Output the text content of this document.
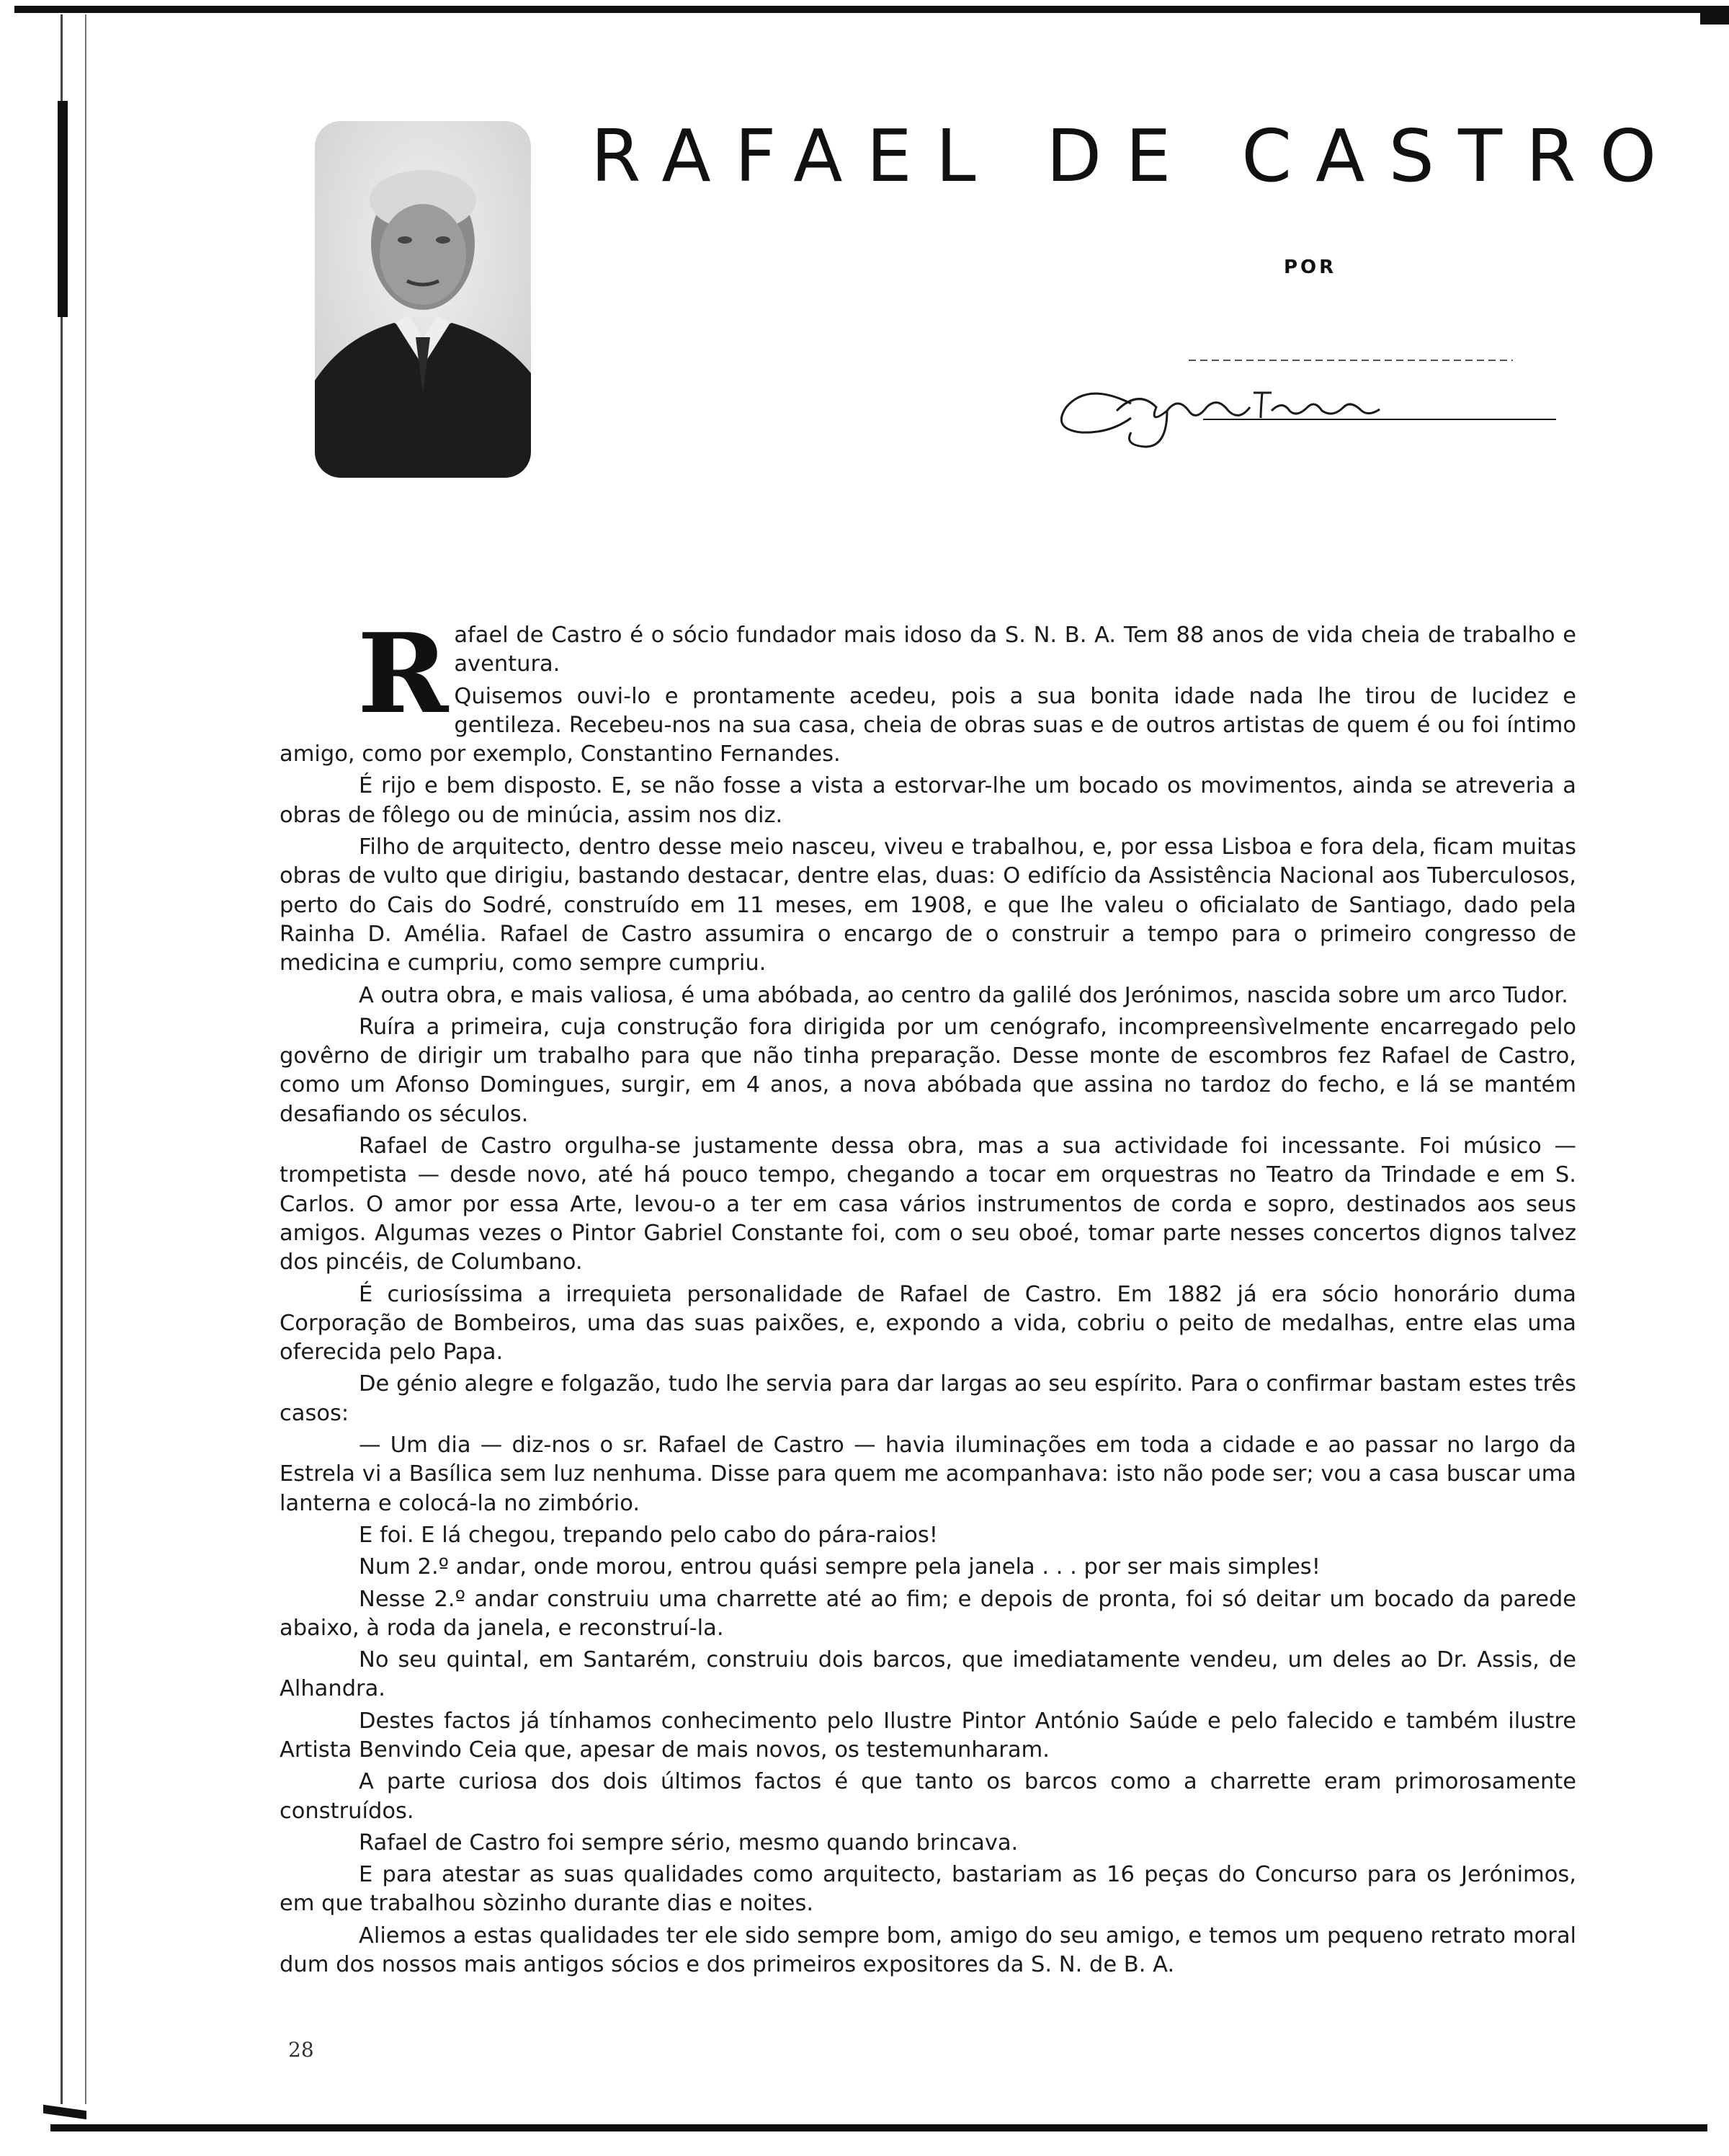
RAFAEL DE CASTRO
POR

Rafael de Castro é o sócio fundador mais idoso da S. N. B. A. Tem 88 anos de vida cheia de trabalho e aventura.

Quisemos ouvi-lo e prontamente acedeu, pois a sua bonita idade nada lhe tirou de lucidez e gentileza. Recebeu-nos na sua casa, cheia de obras suas e de outros artistas de quem é ou foi íntimo amigo, como por exemplo, Constantino Fernandes.

É rijo e bem disposto. E, se não fosse a vista a estorvar-lhe um bocado os movimentos, ainda se atreveria a obras de fôlego ou de minúcia, assim nos diz.

Filho de arquitecto, dentro desse meio nasceu, viveu e trabalhou, e, por essa Lisboa e fora dela, ficam muitas obras de vulto que dirigiu, bastando destacar, dentre elas, duas: O edifício da Assistência Nacional aos Tuberculosos, perto do Cais do Sodré, construído em 11 meses, em 1908, e que lhe valeu o oficialato de Santiago, dado pela Rainha D. Amélia. Rafael de Castro assumira o encargo de o construir a tempo para o primeiro congresso de medicina e cumpriu, como sempre cumpriu.

A outra obra, e mais valiosa, é uma abóbada, ao centro da galilé dos Jerónimos, nascida sobre um arco Tudor.

Ruíra a primeira, cuja construção fora dirigida por um cenógrafo, incompreensìvelmente encarregado pelo govêrno de dirigir um trabalho para que não tinha preparação. Desse monte de escombros fez Rafael de Castro, como um Afonso Domingues, surgir, em 4 anos, a nova abóbada que assina no tardoz do fecho, e lá se mantém desafiando os séculos.

Rafael de Castro orgulha-se justamente dessa obra, mas a sua actividade foi incessante. Foi músico — trompetista — desde novo, até há pouco tempo, chegando a tocar em orquestras no Teatro da Trindade e em S. Carlos. O amor por essa Arte, levou-o a ter em casa vários instrumentos de corda e sopro, destinados aos seus amigos. Algumas vezes o Pintor Gabriel Constante foi, com o seu oboé, tomar parte nesses concertos dignos talvez dos pincéis, de Columbano.

É curiosíssima a irrequieta personalidade de Rafael de Castro. Em 1882 já era sócio honorário duma Corporação de Bombeiros, uma das suas paixões, e, expondo a vida, cobriu o peito de medalhas, entre elas uma oferecida pelo Papa.

De génio alegre e folgazão, tudo lhe servia para dar largas ao seu espírito. Para o confirmar bastam estes três casos:

— Um dia — diz-nos o sr. Rafael de Castro — havia iluminações em toda a cidade e ao passar no largo da Estrela vi a Basílica sem luz nenhuma. Disse para quem me acompanhava: isto não pode ser; vou a casa buscar uma lanterna e colocá-la no zimbório.

E foi. E lá chegou, trepando pelo cabo do pára-raios!

Num 2.º andar, onde morou, entrou quási sempre pela janela . . . por ser mais simples!

Nesse 2.º andar construiu uma charrette até ao fim; e depois de pronta, foi só deitar um bocado da parede abaixo, à roda da janela, e reconstruí-la.

No seu quintal, em Santarém, construiu dois barcos, que imediatamente vendeu, um deles ao Dr. Assis, de Alhandra.

Destes factos já tínhamos conhecimento pelo Ilustre Pintor António Saúde e pelo falecido e também ilustre Artista Benvindo Ceia que, apesar de mais novos, os testemunharam.

A parte curiosa dos dois últimos factos é que tanto os barcos como a charrette eram primorosamente construídos.

Rafael de Castro foi sempre sério, mesmo quando brincava.

E para atestar as suas qualidades como arquitecto, bastariam as 16 peças do Concurso para os Jerónimos, em que trabalhou sòzinho durante dias e noites.

Aliemos a estas qualidades ter ele sido sempre bom, amigo do seu amigo, e temos um pequeno retrato moral dum dos nossos mais antigos sócios e dos primeiros expositores da S. N. de B. A.

28
